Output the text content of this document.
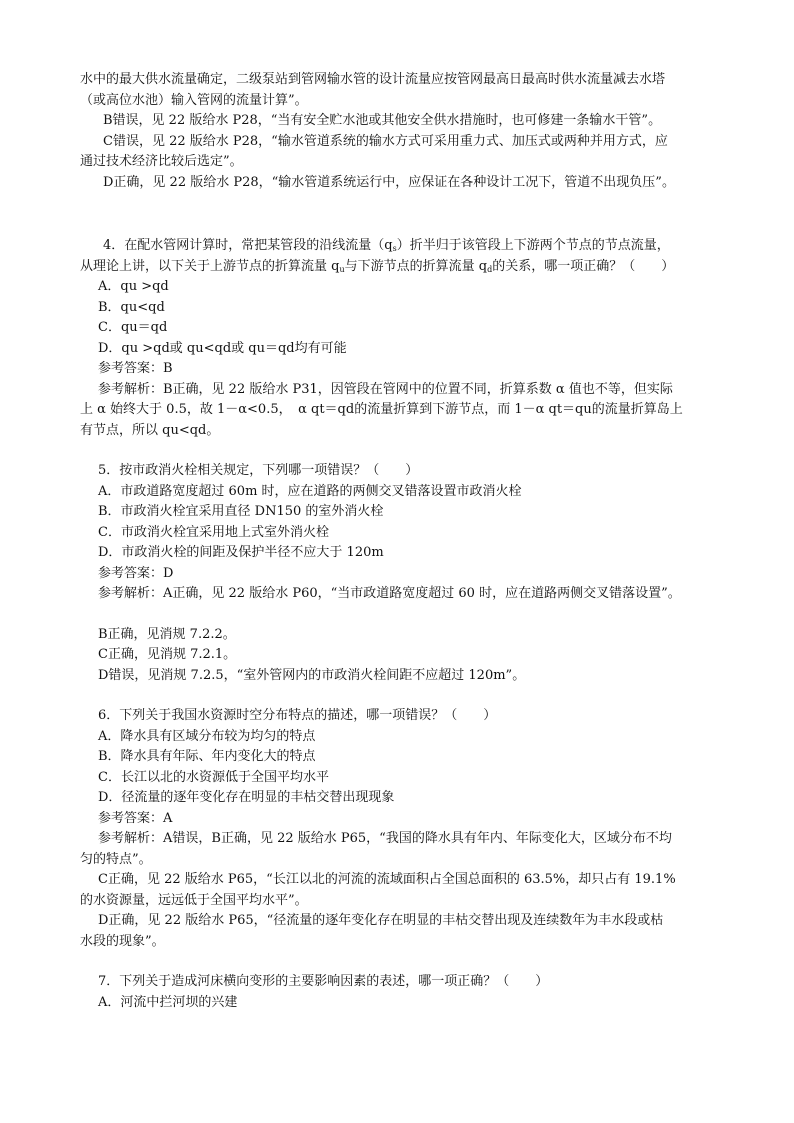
水中的最大供水流量确定，二级泵站到管网输水管的设计流量应按管网最高日最高时供水流量减去水塔

（或高位水池）输入管网的流量计算”。

B错误，见 22 版给水 P28，“当有安全贮水池或其他安全供水措施时，也可修建一条输水干管”。

C错误，见 22 版给水 P28，“输水管道系统的输水方式可采用重力式、加压式或两种并用方式，应

通过技术经济比较后选定”。

D正确，见 22 版给水 P28，“输水管道系统运行中，应保证在各种设计工况下，管道不出现负压”。

4．在配水管网计算时，常把某管段的沿线流量$(q_s)$折半归于该管段上下游两个节点的节点流量，

从理论上讲，以下关于上游节点的折算流量 $q_u$与下游节点的折算流量 $q_d$的关系，哪一项正确？（　　）

A．qu >qd

B．qu<qd

C．qu＝qd

D．qu >qd或 qu<qd或 qu＝qd均有可能

参考答案：B

参考解析：B正确，见 22 版给水 P31，因管段在管网中的位置不同，折算系数 α 值也不等，但实际

上 α 始终大于 0.5，故 1－α<0.5，　α qt＝qd的流量折算到下游节点，而 1－α qt＝qu的流量折算岛上

有节点，所以 qu<qd。

5．按市政消火栓相关规定，下列哪一项错误？（　　）

A．市政道路宽度超过 60m 时，应在道路的两侧交叉错落设置市政消火栓

B．市政消火栓宜采用直径 DN150 的室外消火栓

C．市政消火栓宜采用地上式室外消火栓

D．市政消火栓的间距及保护半径不应大于 120m

参考答案：D

参考解析：A正确，见 22 版给水 P60，“当市政道路宽度超过 60 时，应在道路两侧交叉错落设置”。

B正确，见消规 7.2.2。

C正确，见消规 7.2.1。

D错误，见消规 7.2.5，“室外管网内的市政消火栓间距不应超过 120m”。

6．下列关于我国水资源时空分布特点的描述，哪一项错误？（　　）

A．降水具有区域分布较为均匀的特点

B．降水具有年际、年内变化大的特点

C．长江以北的水资源低于全国平均水平

D．径流量的逐年变化存在明显的丰枯交替出现现象

参考答案：A

参考解析：A错误，B正确，见 22 版给水 P65，“我国的降水具有年内、年际变化大，区域分布不均

匀的特点”。

C正确，见 22 版给水 P65，“长江以北的河流的流域面积占全国总面积的 63.5%，却只占有 19.1%

的水资源量，远远低于全国平均水平”。

D正确，见 22 版给水 P65，“径流量的逐年变化存在明显的丰枯交替出现及连续数年为丰水段或枯

水段的现象”。

7．下列关于造成河床横向变形的主要影响因素的表述，哪一项正确？（　　）

A．河流中拦河坝的兴建
